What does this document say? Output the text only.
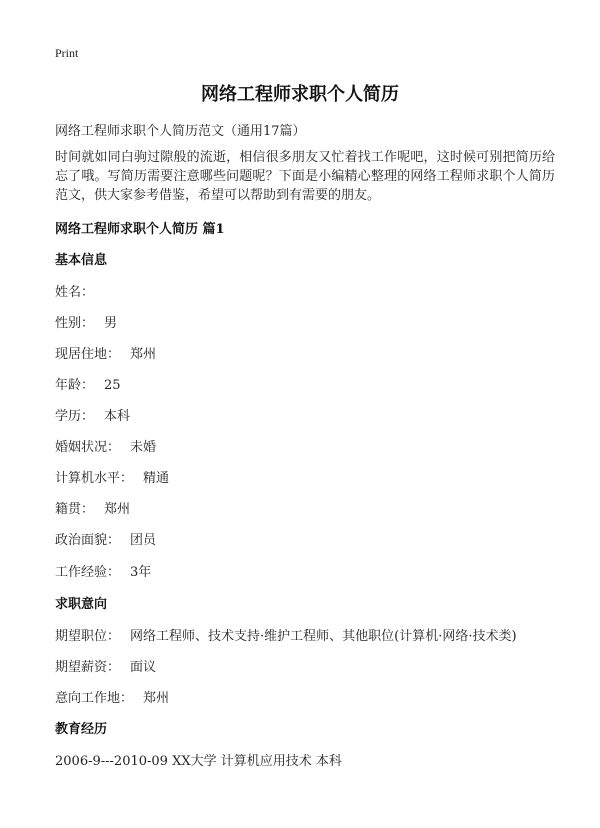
Print
网络工程师求职个人简历
网络工程师求职个人简历范文（通用17篇）
时间就如同白驹过隙般的流逝，相信很多朋友又忙着找工作呢吧，这时候可别把简历给忘了哦。写简历需要注意哪些问题呢？下面是小编精心整理的网络工程师求职个人简历范文，供大家参考借鉴，希望可以帮助到有需要的朋友。
网络工程师求职个人简历 篇1
基本信息
姓名：
性别： 男
现居住地： 郑州
年龄： 25
学历： 本科
婚姻状况： 未婚
计算机水平： 精通
籍贯： 郑州
政治面貌： 团员
工作经验： 3年
求职意向
期望职位： 网络工程师、技术支持·维护工程师、其他职位(计算机·网络·技术类)
期望薪资： 面议
意向工作地： 郑州
教育经历
2006-9---2010-09 XX大学 计算机应用技术 本科
